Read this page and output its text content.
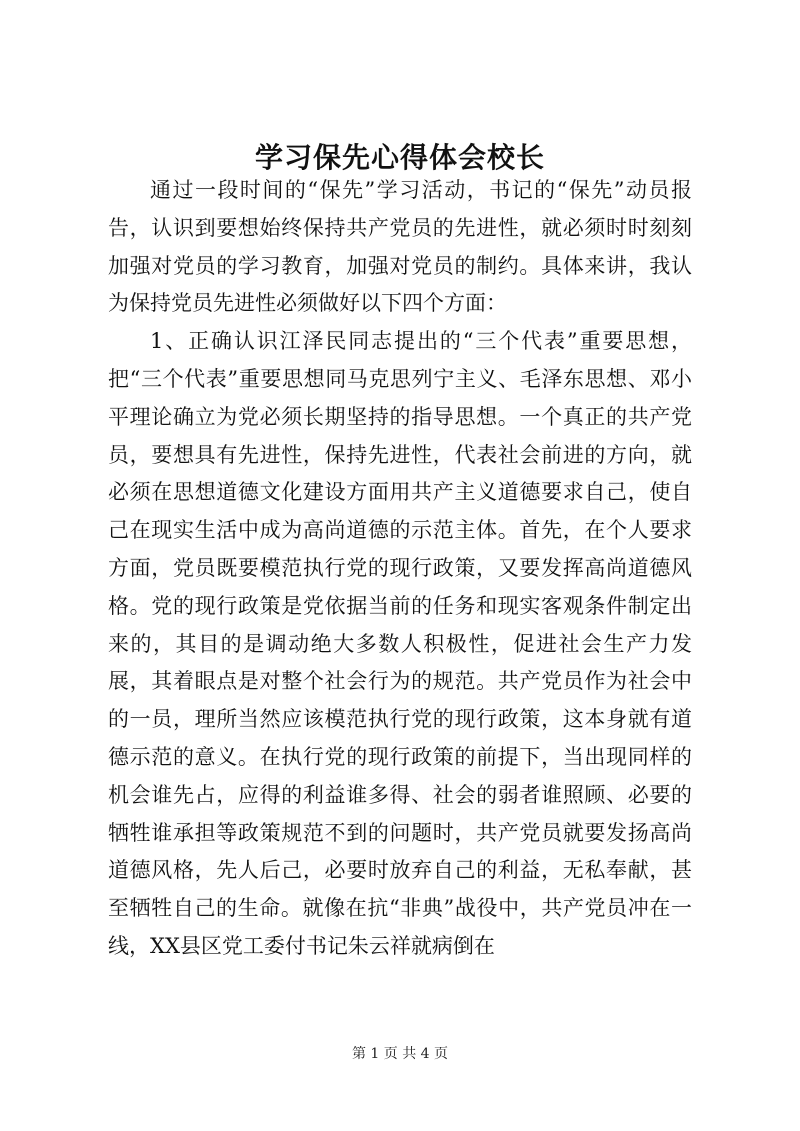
学习保先心得体会校长

通过一段时间的“保先”学习活动，书记的“保先”动员报告，认识到要想始终保持共产党员的先进性，就必须时时刻刻加强对党员的学习教育，加强对党员的制约。具体来讲，我认为保持党员先进性必须做好以下四个方面：

1、正确认识江泽民同志提出的“三个代表”重要思想，把“三个代表”重要思想同马克思列宁主义、毛泽东思想、邓小平理论确立为党必须长期坚持的指导思想。一个真正的共产党员，要想具有先进性，保持先进性，代表社会前进的方向，就必须在思想道德文化建设方面用共产主义道德要求自己，使自己在现实生活中成为高尚道德的示范主体。首先，在个人要求方面，党员既要模范执行党的现行政策，又要发挥高尚道德风格。党的现行政策是党依据当前的任务和现实客观条件制定出来的，其目的是调动绝大多数人积极性，促进社会生产力发展，其着眼点是对整个社会行为的规范。共产党员作为社会中的一员，理所当然应该模范执行党的现行政策，这本身就有道德示范的意义。在执行党的现行政策的前提下，当出现同样的机会谁先占，应得的利益谁多得、社会的弱者谁照顾、必要的牺牲谁承担等政策规范不到的问题时，共产党员就要发扬高尚道德风格，先人后己，必要时放弃自己的利益，无私奉献，甚至牺牲自己的生命。就像在抗“非典”战役中，共产党员冲在一线，XX县区党工委付书记朱云祥就病倒在

第 1 页 共 4 页
